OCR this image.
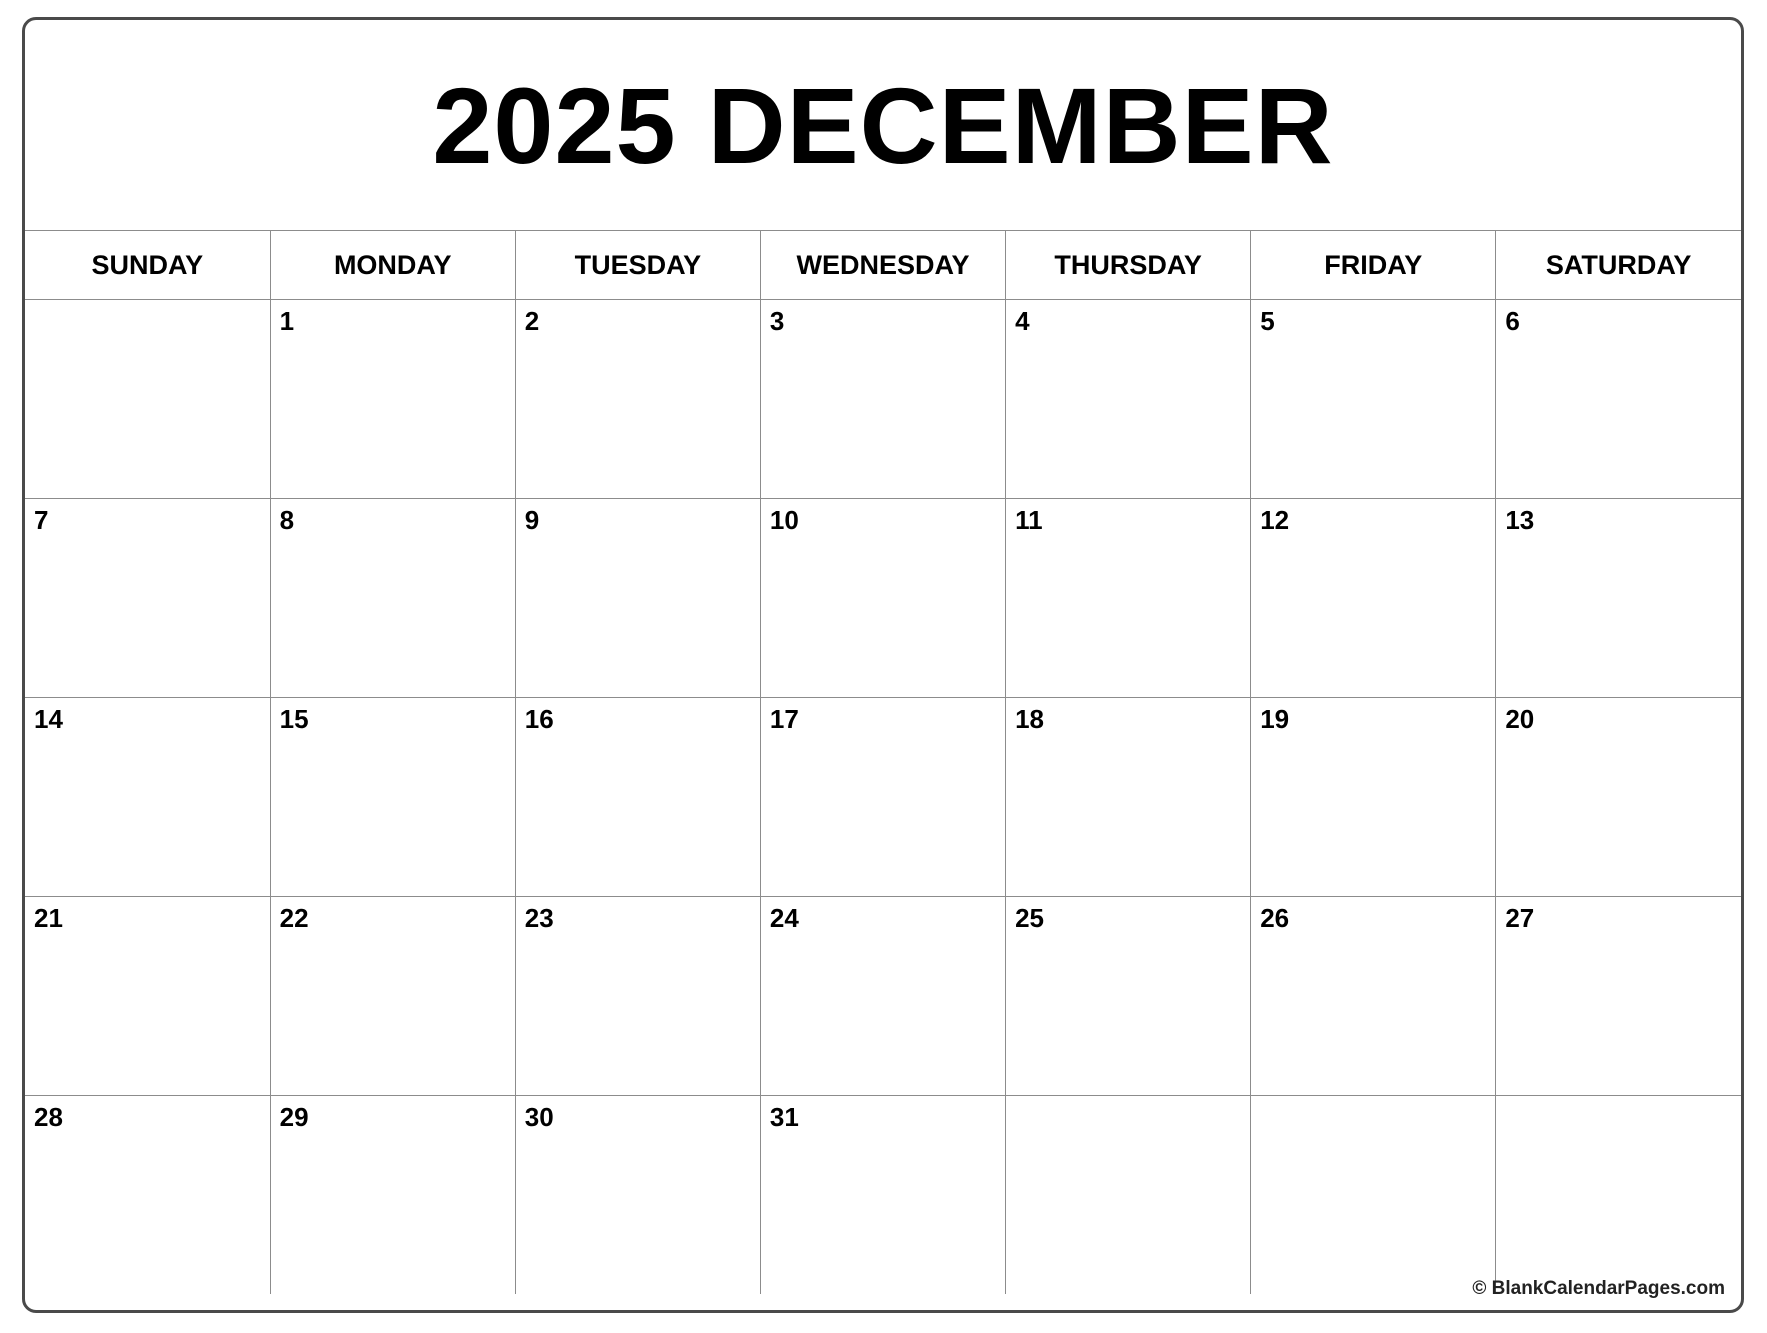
2025 DECEMBER
SUNDAY	MONDAY	TUESDAY	WEDNESDAY	THURSDAY	FRIDAY	SATURDAY

	1	2	3	4	5	6

7	8	9	10	11	12	13

14	15	16	17	18	19	20

21	22	23	24	25	26	27

28	29	30	31			

© BlankCalendarPages.com
